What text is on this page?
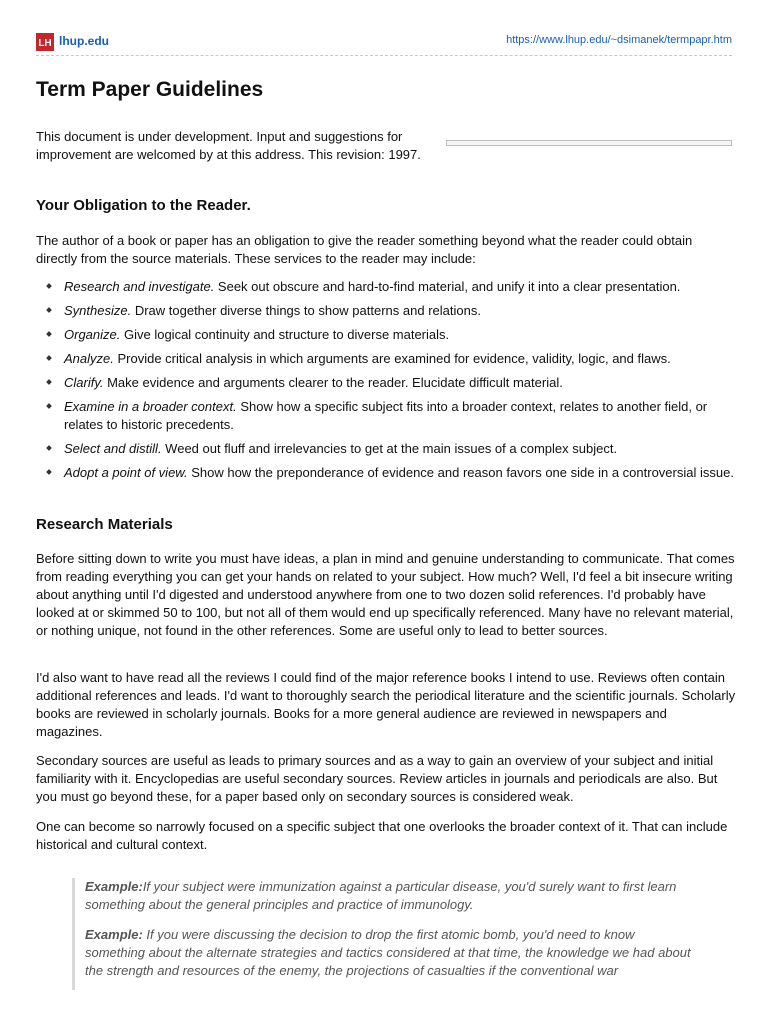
LH lhup.edu	https://www.lhup.edu/~dsimanek/termpapr.htm
Term Paper Guidelines

This document is under development. Input and suggestions for improvement are welcomed by at this address. This revision: 1997.

Your Obligation to the Reader.

The author of a book or paper has an obligation to give the reader something beyond what the reader could obtain directly from the source materials. These services to the reader may include:

Research and investigate. Seek out obscure and hard-to-find material, and unify it into a clear presentation.
Synthesize. Draw together diverse things to show patterns and relations.
Organize. Give logical continuity and structure to diverse materials.
Analyze. Provide critical analysis in which arguments are examined for evidence, validity, logic, and flaws.
Clarify. Make evidence and arguments clearer to the reader. Elucidate difficult material.
Examine in a broader context. Show how a specific subject fits into a broader context, relates to another field, or relates to historic precedents.
Select and distill. Weed out fluff and irrelevancies to get at the main issues of a complex subject.
Adopt a point of view. Show how the preponderance of evidence and reason favors one side in a controversial issue.
Research Materials

Before sitting down to write you must have ideas, a plan in mind and genuine understanding to communicate. That comes from reading everything you can get your hands on related to your subject. How much? Well, I'd feel a bit insecure writing about anything until I'd digested and understood anywhere from one to two dozen solid references. I'd probably have looked at or skimmed 50 to 100, but not all of them would end up specifically referenced. Many have no relevant material, or nothing unique, not found in the other references. Some are useful only to lead to better sources.

I'd also want to have read all the reviews I could find of the major reference books I intend to use. Reviews often contain additional references and leads. I'd want to thoroughly search the periodical literature and the scientific journals. Scholarly books are reviewed in scholarly journals. Books for a more general audience are reviewed in newspapers and magazines.

Secondary sources are useful as leads to primary sources and as a way to gain an overview of your subject and initial familiarity with it. Encyclopedias are useful secondary sources. Review articles in journals and periodicals are also. But you must go beyond these, for a paper based only on secondary sources is considered weak.

One can become so narrowly focused on a specific subject that one overlooks the broader context of it. That can include historical and cultural context.

Example:If your subject were immunization against a particular disease, you'd surely want to first learn something about the general principles and practice of immunology.

Example: If you were discussing the decision to drop the first atomic bomb, you'd need to know something about the alternate strategies and tactics considered at that time, the knowledge we had about the strength and resources of the enemy, the projections of casualties if the conventional war
